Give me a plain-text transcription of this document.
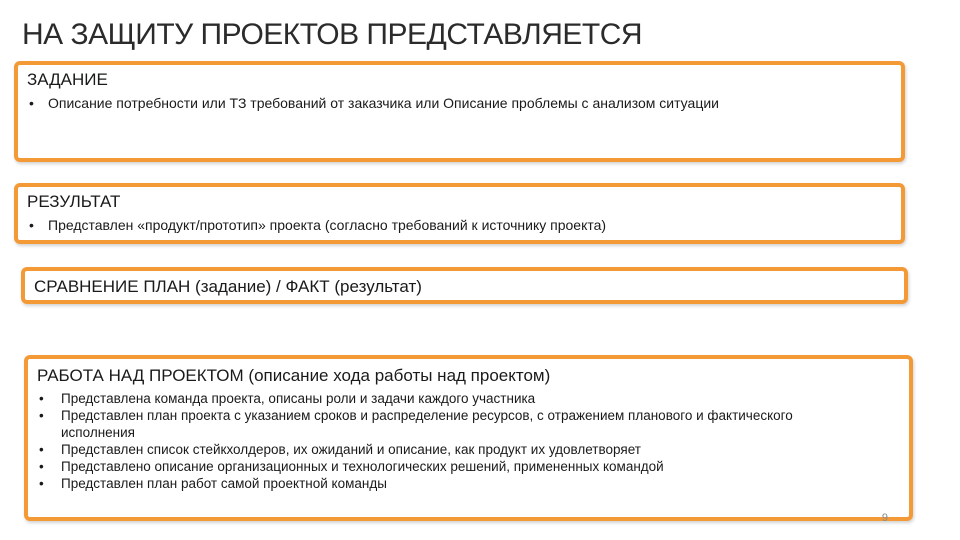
НА ЗАЩИТУ ПРОЕКТОВ ПРЕДСТАВЛЯЕТСЯ
ЗАДАНИЕ
• Описание потребности или ТЗ требований от заказчика или Описание проблемы с анализом ситуации
РЕЗУЛЬТАТ
• Представлен «продукт/прототип» проекта (согласно требований к источнику проекта)
СРАВНЕНИЕ ПЛАН (задание) / ФАКТ (результат)
РАБОТА НАД ПРОЕКТОМ (описание хода работы над проектом)
• Представлена команда проекта, описаны роли и задачи каждого участника
• Представлен план проекта с указанием сроков и распределение ресурсов, с отражением планового и фактического исполнения
• Представлен список стейкхолдеров, их ожиданий и описание, как продукт их удовлетворяет
• Представлено описание организационных и технологических решений, примененных командой
• Представлен план работ самой проектной команды
9
